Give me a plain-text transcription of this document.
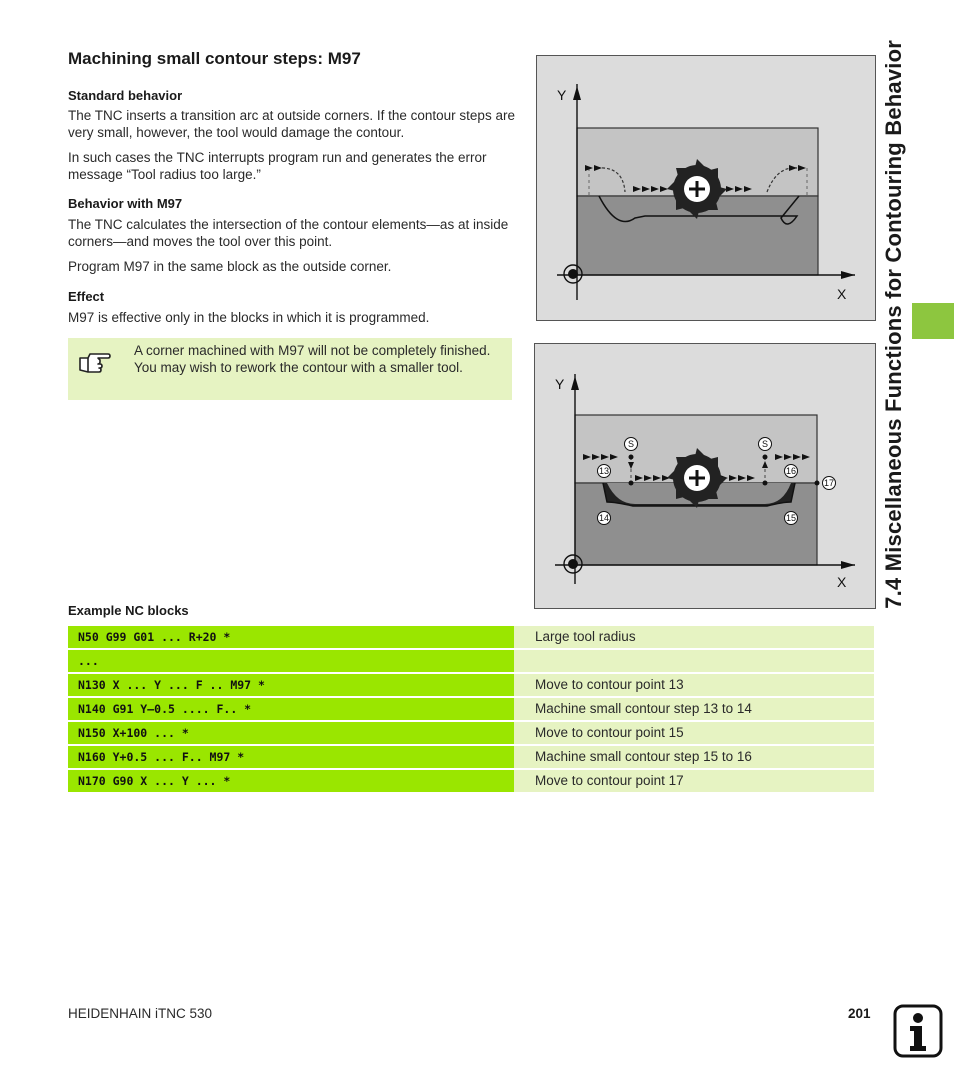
Machining small contour steps: M97
Standard behavior
The TNC inserts a transition arc at outside corners. If the contour steps are very small, however, the tool would damage the contour.
In such cases the TNC interrupts program run and generates the error message “Tool radius too large.”
Behavior with M97
The TNC calculates the intersection of the contour elements—as at inside corners—and moves the tool over this point.
Program M97 in the same block as the outside corner.
Effect
M97 is effective only in the blocks in which it is programmed.
A corner machined with M97 will not be completely finished. You may wish to rework the contour with a smaller tool.
Y
X
S	S
13
14	15
16
17
Y
X 7.4 Miscellaneous Functions for Contouring Behavior
Example NC blocks
N50 G99 G01 ... R+20 *	Large tool radius
...
N130 X ... Y ... F .. M97 *	Move to contour point 13
N140 G91 Y–0.5 .... F.. *	Machine small contour step 13 to 14
N150 X+100 ... *	Move to contour point 15
N160 Y+0.5 ... F.. M97 *	Machine small contour step 15 to 16
N170 G90 X ... Y ... *	Move to contour point 17
HEIDENHAIN iTNC 530	201
